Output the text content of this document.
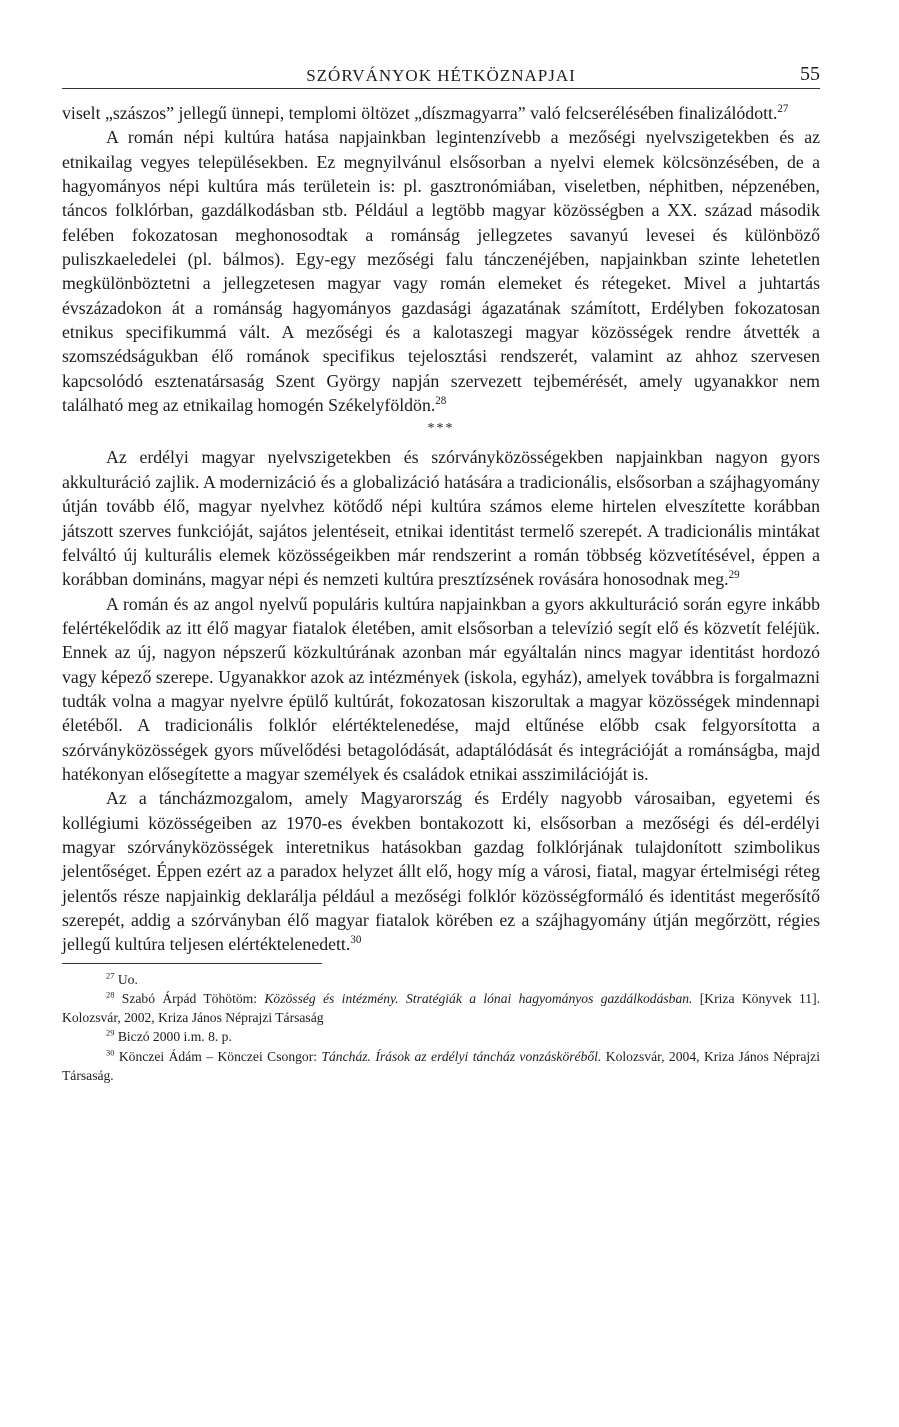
SZÓRVÁNYOK HÉTKÖZNAPJAI	55

viselt „szászos” jellegű ünnepi, templomi öltözet „díszmagyarra” való felcserélésében finalizálódott.$^{27}$

A román népi kultúra hatása napjainkban legintenzívebb a mezőségi nyelvszigetekben és az etnikailag vegyes településekben. Ez megnyilvánul elsősorban a nyelvi elemek kölcsönzésében, de a hagyományos népi kultúra más területein is: pl. gasztronómiában, viseletben, néphitben, népzenében, táncos folklórban, gazdálkodásban stb. Például a legtöbb magyar közösségben a XX. század második felében fokozatosan meghonosodtak a románság jellegzetes savanyú levesei és különböző puliszkaeledelei (pl. bálmos). Egy-egy mezőségi falu tánczenéjében, napjainkban szinte lehetetlen megkülönböztetni a jellegzetesen magyar vagy román elemeket és rétegeket. Mivel a juhtartás évszázadokon át a románság hagyományos gazdasági ágazatának számított, Erdélyben fokozatosan etnikus specifikummá vált. A mezőségi és a kalotaszegi magyar közösségek rendre átvették a szomszédságukban élő románok specifikus tejelosztási rendszerét, valamint az ahhoz szervesen kapcsolódó esztenatársaság Szent György napján szervezett tejbemérését, amely ugyanakkor nem található meg az etnikailag homogén Székelyföldön.$^{28}$

***

Az erdélyi magyar nyelvszigetekben és szórványközösségekben napjainkban nagyon gyors akkulturáció zajlik. A modernizáció és a globalizáció hatására a tradicionális, elsősorban a szájhagyomány útján tovább élő, magyar nyelvhez kötődő népi kultúra számos eleme hirtelen elveszítette korábban játszott szerves funkcióját, sajátos jelentéseit, etnikai identitást termelő szerepét. A tradicionális mintákat felváltó új kulturális elemek közösségeikben már rendszerint a román többség közvetítésével, éppen a korábban domináns, magyar népi és nemzeti kultúra presztízsének rovására honosodnak meg.$^{29}$

A román és az angol nyelvű populáris kultúra napjainkban a gyors akkulturáció során egyre inkább felértékelődik az itt élő magyar fiatalok életében, amit elsősorban a televízió segít elő és közvetít feléjük. Ennek az új, nagyon népszerű közkultúrának azonban már egyáltalán nincs magyar identitást hordozó vagy képező szerepe. Ugyanakkor azok az intézmények (iskola, egyház), amelyek továbbra is forgalmazni tudták volna a magyar nyelvre épülő kultúrát, fokozatosan kiszorultak a magyar közösségek mindennapi életéből. A tradicionális folklór elértéktelenedése, majd eltűnése előbb csak felgyorsította a szórványközösségek gyors művelődési betagolódását, adaptálódását és integrációját a románságba, majd hatékonyan elősegítette a magyar személyek és családok etnikai asszimilációját is.

Az a táncházmozgalom, amely Magyarország és Erdély nagyobb városaiban, egyetemi és kollégiumi közösségeiben az 1970-es években bontakozott ki, elsősorban a mezőségi és dél-erdélyi magyar szórványközösségek interetnikus hatásokban gazdag folklórjának tulajdonított szimbolikus jelentőséget. Éppen ezért az a paradox helyzet állt elő, hogy míg a városi, fiatal, magyar értelmiségi réteg jelentős része napjainkig deklarálja például a mezőségi folklór közösségformáló és identitást megerősítő szerepét, addig a szórványban élő magyar fiatalok körében ez a szájhagyomány útján megőrzött, régies jellegű kultúra teljesen elértéktelenedett.$^{30}$

$^{27}$ Uo.

$^{28}$ Szabó Árpád Töhötöm: Közösség és intézmény. Stratégiák a lónai hagyományos gazdálkodásban. [Kriza Könyvek 11]. Kolozsvár, 2002, Kriza János Néprajzi Társaság

$^{29}$ Biczó 2000 i.m. 8. p.

$^{30}$ Könczei Ádám – Könczei Csongor: Táncház. Írások az erdélyi táncház vonzásköréből. Kolozsvár, 2004, Kriza János Néprajzi Társaság.
